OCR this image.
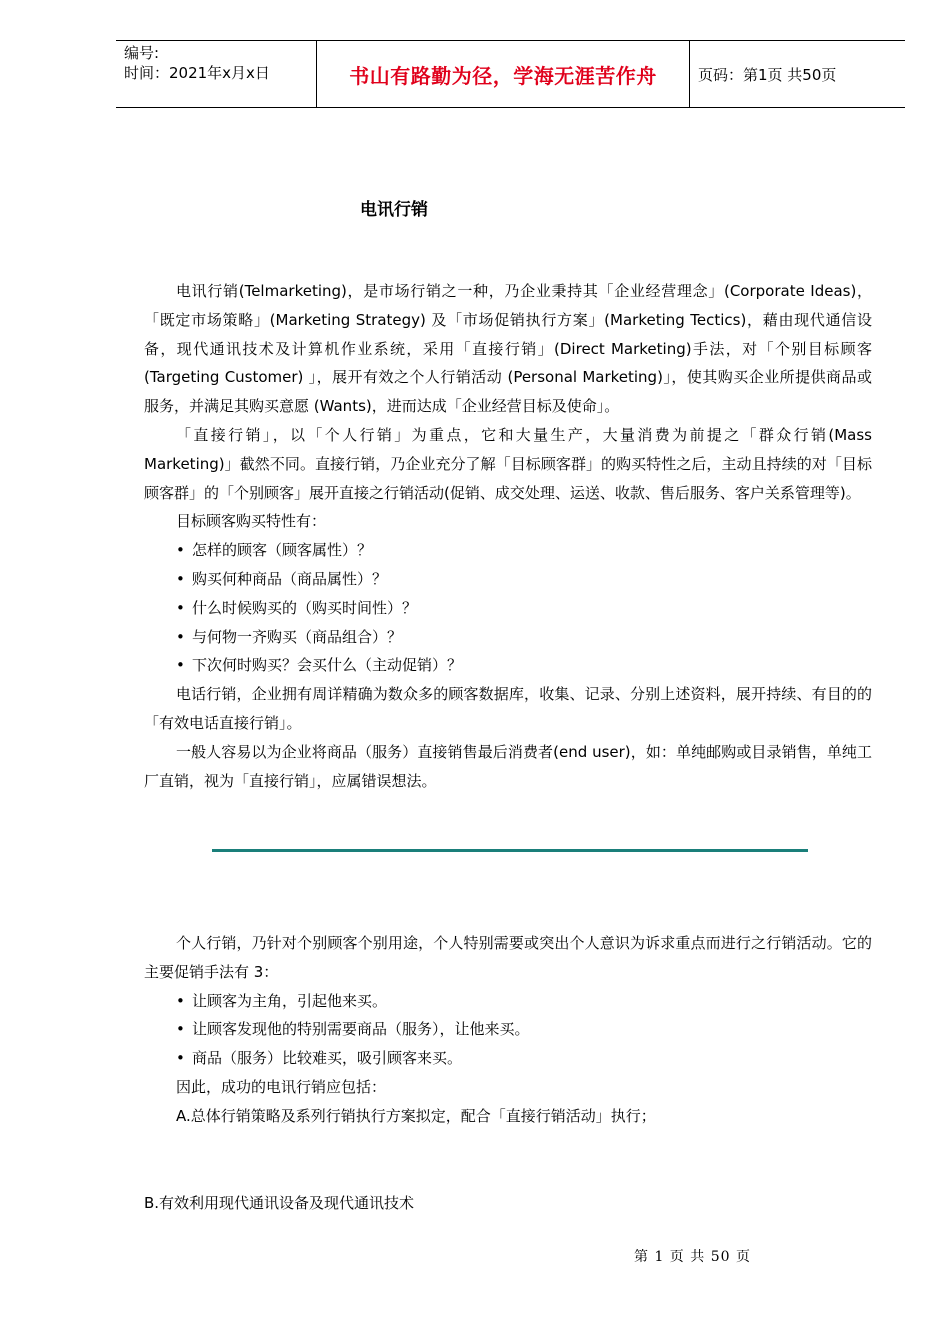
编号:
时间：2021年x月x日	书山有路勤为径，学海无涯苦作舟	页码：第1页 共50页
电讯行销

电讯行销(Telmarketing)，是市场行销之一种，乃企业秉持其「企业经营理念」(Corporate Ideas)，「既定市场策略」(Marketing Strategy) 及「市场促销执行方案」(Marketing Tectics)，藉由现代通信设备，现代通讯技术及计算机作业系统，采用「直接行销」(Direct Marketing)手法，对「个别目标顾客(Targeting Customer) 」，展开有效之个人行销活动 (Personal Marketing)」，使其购买企业所提供商品或服务，并满足其购买意愿 (Wants)，进而达成「企业经营目标及使命」。

「直接行销」，以「个人行销」为重点，它和大量生产，大量消费为前提之「群众行销(Mass Marketing)」截然不同。直接行销，乃企业充分了解「目标顾客群」的购买特性之后，主动且持续的对「目标顾客群」的「个别顾客」展开直接之行销活动(促销、成交处理、运送、收款、售后服务、客户关系管理等)。

目标顾客购买特性有：

• 怎样的顾客（顾客属性）？
• 购买何种商品（商品属性）？
• 什么时候购买的（购买时间性）？
• 与何物一齐购买（商品组合）？
• 下次何时购买？会买什么（主动促销）？

电话行销，企业拥有周详精确为数众多的顾客数据库，收集、记录、分别上述资料，展开持续、有目的的「有效电话直接行销」。

一般人容易以为企业将商品（服务）直接销售最后消费者(end user)，如：单纯邮购或目录销售，单纯工厂直销，视为「直接行销」，应属错误想法。

个人行销，乃针对个别顾客个别用途，个人特别需要或突出个人意识为诉求重点而进行之行销活动。它的主要促销手法有 3：

• 让顾客为主角，引起他来买。
• 让顾客发现他的特别需要商品（服务），让他来买。
• 商品（服务）比较难买，吸引顾客来买。

因此，成功的电讯行销应包括：

A.总体行销策略及系列行销执行方案拟定，配合「直接行销活动」执行；

B.有效利用现代通讯设备及现代通讯技术
第 1 页 共 50 页
